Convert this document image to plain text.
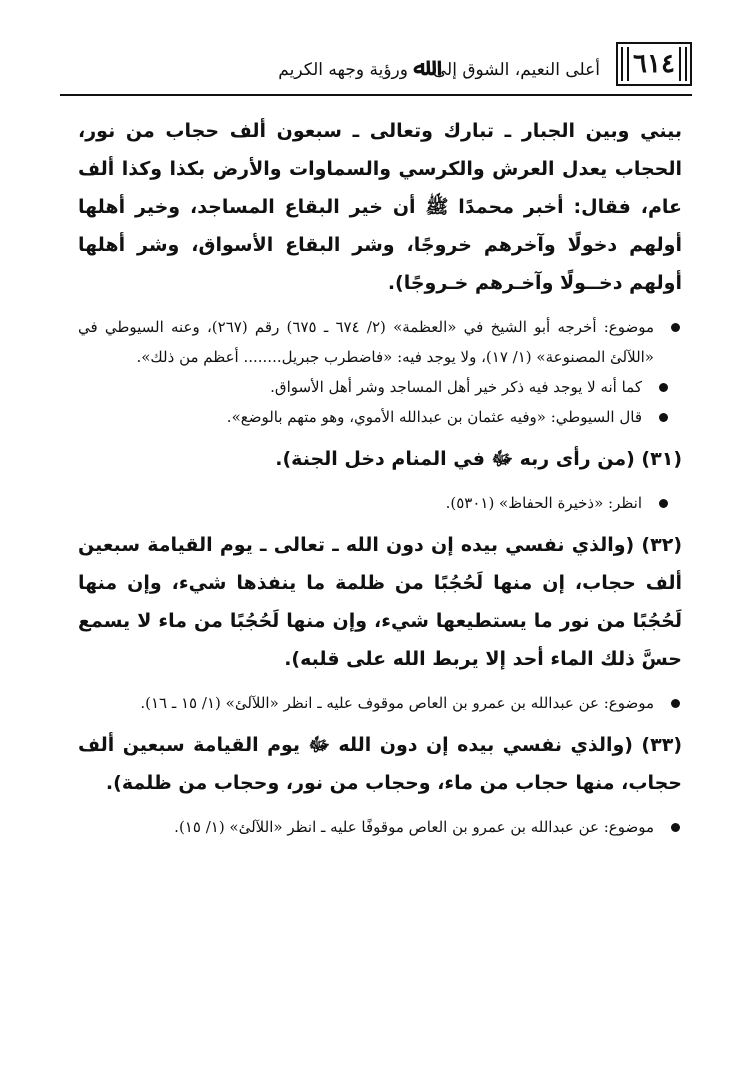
٦١٤
أعلى النعيم، الشوق إلى ﷲ ورؤية وجهه الكريم

بيني وبين الجبار ـ تبارك وتعالى ـ سبعون ألف حجاب من نور، الحجاب يعدل العرش والكرسي والسماوات والأرض بكذا وكذا ألف عام، فقال: أخبر محمدًا ﷺ أن خير البقاع المساجد، وخير أهلها أولهم دخولًا وآخرهم خروجًا، وشر البقاع الأسواق، وشر أهلها أولهم دخــولًا وآخـرهم خـروجًا).

موضوع: أخرجه أبو الشيخ في «العظمة» (٢/ ٦٧٤ ـ ٦٧٥) رقم (٢٦٧)، وعنه السيوطي في «اللآلئ المصنوعة» (١/ ١٧)، ولا يوجد فيه: «فاضطرب جبريل........ أعظم من ذلك».
كما أنه لا يوجد فيه ذكر خير أهل المساجد وشر أهل الأسواق.
قال السيوطي: «وفيه عثمان بن عبدالله الأموي، وهو متهم بالوضع».

(٣١) (من رأى ربه ﷻ في المنام دخل الجنة).

انظر: «ذخيرة الحفاظ» (٥٣٠١).

(٣٢) (والذي نفسي بيده إن دون الله ـ تعالى ـ يوم القيامة سبعين ألف حجاب، إن منها لَحُجُبًا من ظلمة ما ينفذها شيء، وإن منها لَحُجُبًا من نور ما يستطيعها شيء، وإن منها لَحُجُبًا من ماء لا يسمع حسَّ ذلك الماء أحد إلا يربط الله على قلبه).

موضوع: عن عبدالله بن عمرو بن العاص موقوف عليه ـ انظر «اللآلئ» (١/ ١٥ ـ ١٦).

(٣٣) (والذي نفسي بيده إن دون الله ﷻ يوم القيامة سبعين ألف حجاب، منها حجاب من ماء، وحجاب من نور، وحجاب من ظلمة).

موضوع: عن عبدالله بن عمرو بن العاص موقوفًا عليه ـ انظر «اللآلئ» (١/ ١٥).
